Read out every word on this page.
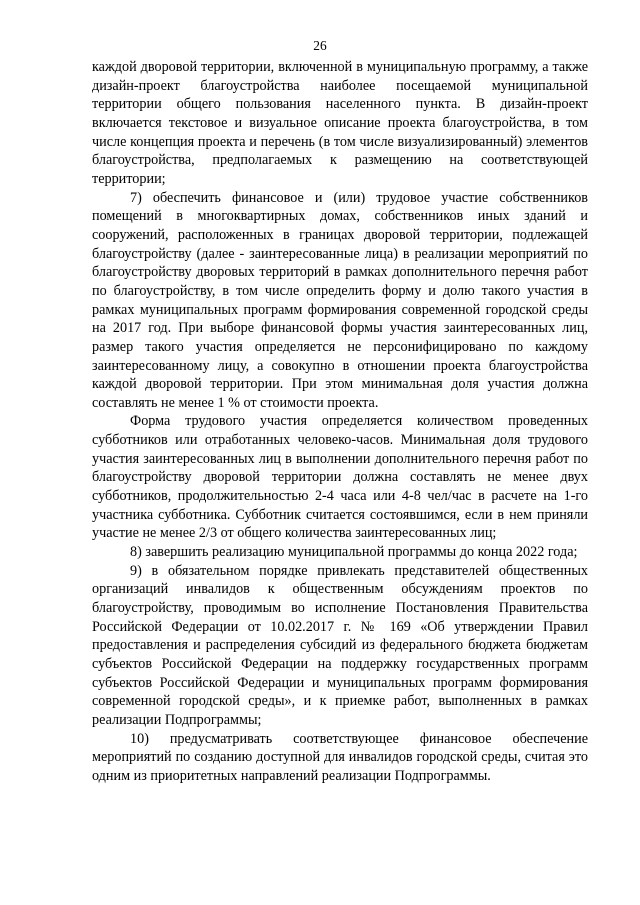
26

каждой дворовой территории, включенной в муниципальную программу, а также дизайн-проект благоустройства наиболее посещаемой муниципальной территории общего пользования населенного пункта. В дизайн-проект включается текстовое и визуальное описание проекта благоустройства, в том числе концепция проекта и перечень (в том числе визуализированный) элементов благоустройства, предполагаемых к размещению на соответствующей территории;

7) обеспечить финансовое и (или) трудовое участие собственников помещений в многоквартирных домах, собственников иных зданий и сооружений, расположенных в границах дворовой территории, подлежащей благоустройству (далее - заинтересованные лица) в реализации мероприятий по благоустройству дворовых территорий в рамках дополнительного перечня работ по благоустройству, в том числе определить форму и долю такого участия в рамках муниципальных программ формирования современной городской среды на 2017 год. При выборе финансовой формы участия заинтересованных лиц, размер такого участия определяется не персонифицировано по каждому заинтересованному лицу, а совокупно в отношении проекта благоустройства каждой дворовой территории. При этом минимальная доля участия должна составлять не менее 1 % от стоимости проекта.

Форма трудового участия определяется количеством проведенных субботников или отработанных человеко-часов. Минимальная доля трудового участия заинтересованных лиц в выполнении дополнительного перечня работ по благоустройству дворовой территории должна составлять не менее двух субботников, продолжительностью 2-4 часа или 4-8 чел/час в расчете на 1-го участника субботника. Субботник считается состоявшимся, если в нем приняли участие не менее 2/3 от общего количества заинтересованных лиц;

8) завершить реализацию муниципальной программы до конца 2022 года;

9) в обязательном порядке привлекать представителей общественных организаций инвалидов к общественным обсуждениям проектов по благоустройству, проводимым во исполнение Постановления Правительства Российской Федерации от 10.02.2017 г. № 169 «Об утверждении Правил предоставления и распределения субсидий из федерального бюджета бюджетам субъектов Российской Федерации на поддержку государственных программ субъектов Российской Федерации и муниципальных программ формирования современной городской среды», и к приемке работ, выполненных в рамках реализации Подпрограммы;

10) предусматривать соответствующее финансовое обеспечение мероприятий по созданию доступной для инвалидов городской среды, считая это одним из приоритетных направлений реализации Подпрограммы.
